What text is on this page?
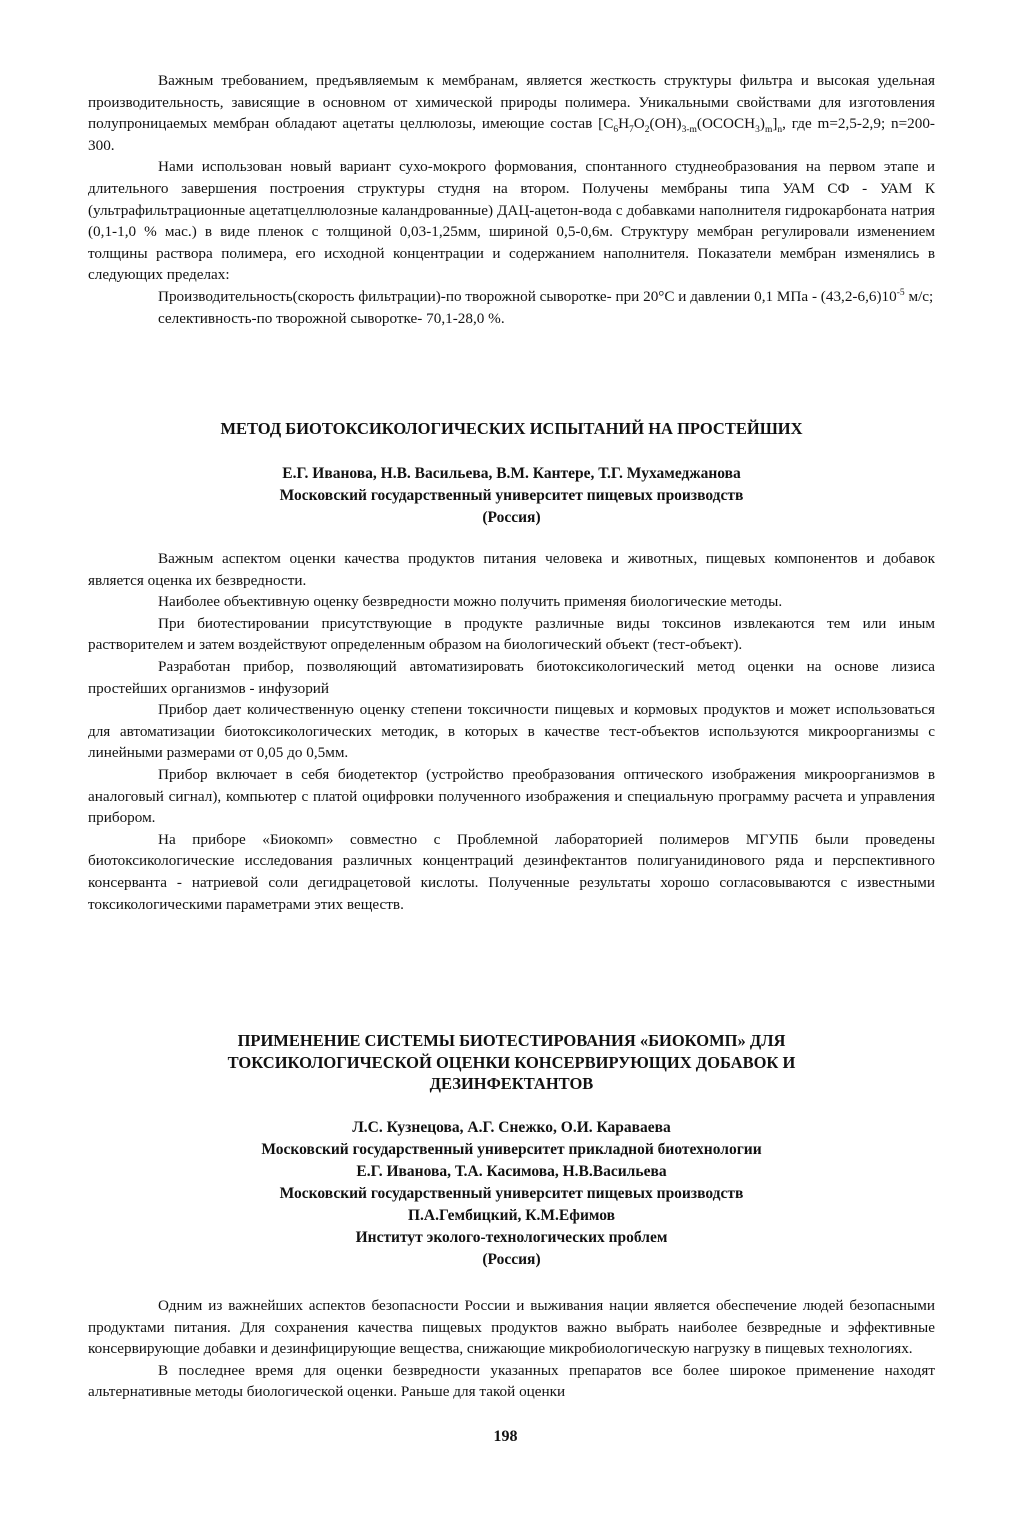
Важным требованием, предъявляемым к мембранам, является жесткость структуры фильтра и высокая удельная производительность, зависящие в основном от химической природы полимера. Уникальными свойствами для изготовления полупроницаемых мембран обладают ацетаты целлюлозы, имеющие состав $[C_6H_7O_2(OH)_{3-m}(OCOCH_3)_m]_n$, где m=2,5-2,9; n=200-300.

Нами использован новый вариант сухо-мокрого формования, спонтанного студнеобразования на первом этапе и длительного завершения построения структуры студня на втором. Получены мембраны типа УАМ СФ - УАМ К (ультрафильтрационные ацетатцеллюлозные каландрованные) ДАЦ-ацетон-вода с добавками наполнителя гидрокарбоната натрия (0,1-1,0 % мас.) в виде пленок с толщиной 0,03-1,25мм, шириной 0,5-0,6м. Структуру мембран регулировали изменением толщины раствора полимера, его исходной концентрации и содержанием наполнителя. Показатели мембран изменялись в следующих пределах:

Производительность(скорость фильтрации)-по творожной сыворотке- при 20°С и давлении 0,1 МПа - $(43,2-6,6)10^{-5}$ м/с;

селективность-по творожной сыворотке- 70,1-28,0 %.

МЕТОД БИОТОКСИКОЛОГИЧЕСКИХ ИСПЫТАНИЙ НА ПРОСТЕЙШИХ
Е.Г. Иванова, Н.В. Васильева, В.М. Кантере, Т.Г. Мухамеджанова
Московский государственный университет пищевых производств
(Россия)

Важным аспектом оценки качества продуктов питания человека и животных, пищевых компонентов и добавок является оценка их безвредности.

Наиболее объективную оценку безвредности можно получить применяя биологические методы.

При биотестировании присутствующие в продукте различные виды токсинов извлекаются тем или иным растворителем и затем воздействуют определенным образом на биологический объект (тест-объект).

Разработан прибор, позволяющий автоматизировать биотоксикологический метод оценки на основе лизиса простейших организмов - инфузорий

Прибор дает количественную оценку степени токсичности пищевых и кормовых продуктов и может использоваться для автоматизации биотоксикологических методик, в которых в качестве тест-объектов используются микроорганизмы с линейными размерами от 0,05 до 0,5мм.

Прибор включает в себя биодетектор (устройство преобразования оптического изображения микроорганизмов в аналоговый сигнал), компьютер с платой оцифровки полученного изображения и специальную программу расчета и управления прибором.

На приборе «Биокомп» совместно с Проблемной лабораторией полимеров МГУПБ были проведены биотоксикологические исследования различных концентраций дезинфектантов полигуанидинового ряда и перспективного консерванта - натриевой соли дегидрацетовой кислоты. Полученные результаты хорошо согласовываются с известными токсикологическими параметрами этих веществ.

ПРИМЕНЕНИЕ СИСТЕМЫ БИОТЕСТИРОВАНИЯ «БИОКОМП» ДЛЯ
ТОКСИКОЛОГИЧЕСКОЙ ОЦЕНКИ КОНСЕРВИРУЮЩИХ ДОБАВОК И
ДЕЗИНФЕКТАНТОВ
Л.С. Кузнецова, А.Г. Снежко, О.И. Караваева
Московский государственный университет прикладной биотехнологии
Е.Г. Иванова, Т.А. Касимова, Н.В.Васильева
Московский государственный университет пищевых производств
П.А.Гембицкий, К.М.Ефимов
Институт эколого-технологических проблем
(Россия)

Одним из важнейших аспектов безопасности России и выживания нации является обеспечение людей безопасными продуктами питания. Для сохранения качества пищевых продуктов важно выбрать наиболее безвредные и эффективные консервирующие добавки и дезинфицирующие вещества, снижающие микробиологическую нагрузку в пищевых технологиях.

В последнее время для оценки безвредности указанных препаратов все более широкое применение находят альтернативные методы биологической оценки. Раньше для такой оценки

198
